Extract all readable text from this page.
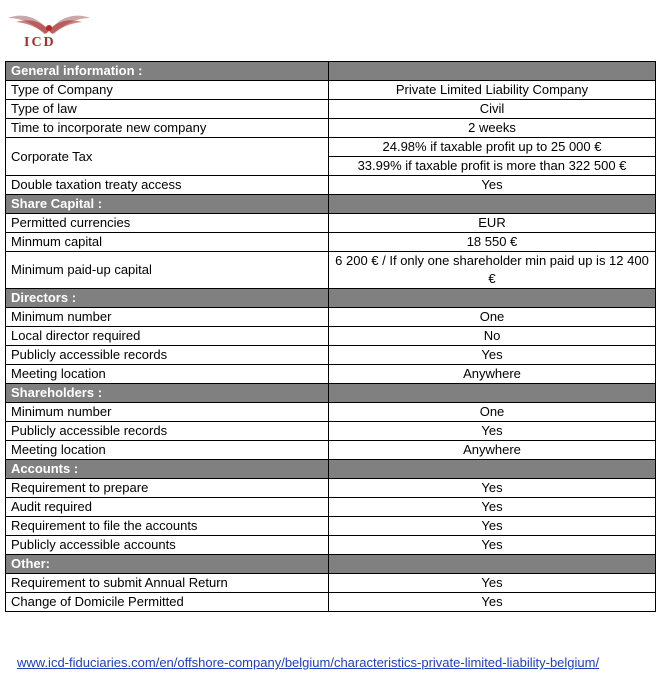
ICD
General information :	
Type of Company	Private Limited Liability Company
Type of law	Civil
Time to incorporate new company	2 weeks
Corporate Tax	24.98% if taxable profit up to 25 000 €
	33.99% if taxable profit is more than 322 500 €
Double taxation treaty access	Yes
Share Capital :	
Permitted currencies	EUR
Minmum capital	18 550 €
Minimum paid-up capital	6 200 € / If only one shareholder min paid up is 12 400 €
Directors :	
Minimum number	One
Local director required	No
Publicly accessible records	Yes
Meeting location	Anywhere
Shareholders :	
Minimum number	One
Publicly accessible records	Yes
Meeting location	Anywhere
Accounts :	
Requirement to prepare	Yes
Audit required	Yes
Requirement to file the accounts	Yes
Publicly accessible accounts	Yes
Other:	
Requirement to submit Annual Return	Yes
Change of Domicile Permitted	Yes
www.icd-fiduciaries.com/en/offshore-company/belgium/characteristics-private-limited-liability-belgium/
